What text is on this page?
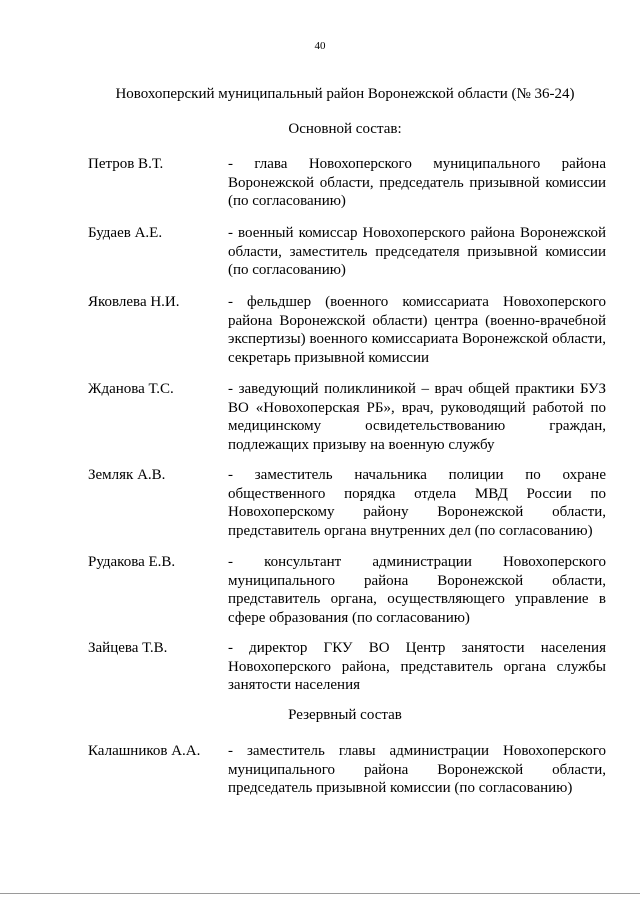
40
Новохоперский муниципальный район Воронежской области (№ 36-24)
Основной состав:
Петров В.Т.	- глава Новохоперского муниципального района Воронежской области, председатель призывной комиссии (по согласованию)
Будаев А.Е.	- военный комиссар Новохоперского района Воронежской области, заместитель председателя призывной комиссии (по согласованию)
Яковлева Н.И.	- фельдшер (военного комиссариата Новохоперского района Воронежской области) центра (военно-врачебной экспертизы) военного комиссариата Воронежской области, секретарь призывной комиссии
Жданова Т.С.	- заведующий поликлиникой – врач общей практики БУЗ ВО «Новохоперская РБ», врач, руководящий работой по медицинскому освидетельствованию граждан, подлежащих призыву на военную службу
Земляк А.В.	- заместитель начальника полиции по охране общественного порядка отдела МВД России по Новохоперскому району Воронежской области, представитель органа внутренних дел (по согласованию)
Рудакова Е.В.	- консультант администрации Новохоперского муниципального района Воронежской области, представитель органа, осуществляющего управление в сфере образования (по согласованию)
Зайцева Т.В.	- директор ГКУ ВО Центр занятости населения Новохоперского района, представитель органа службы занятости населения
Резервный состав
Калашников А.А. - заместитель главы администрации Новохоперского муниципального района Воронежской области, председатель призывной комиссии (по согласованию)
